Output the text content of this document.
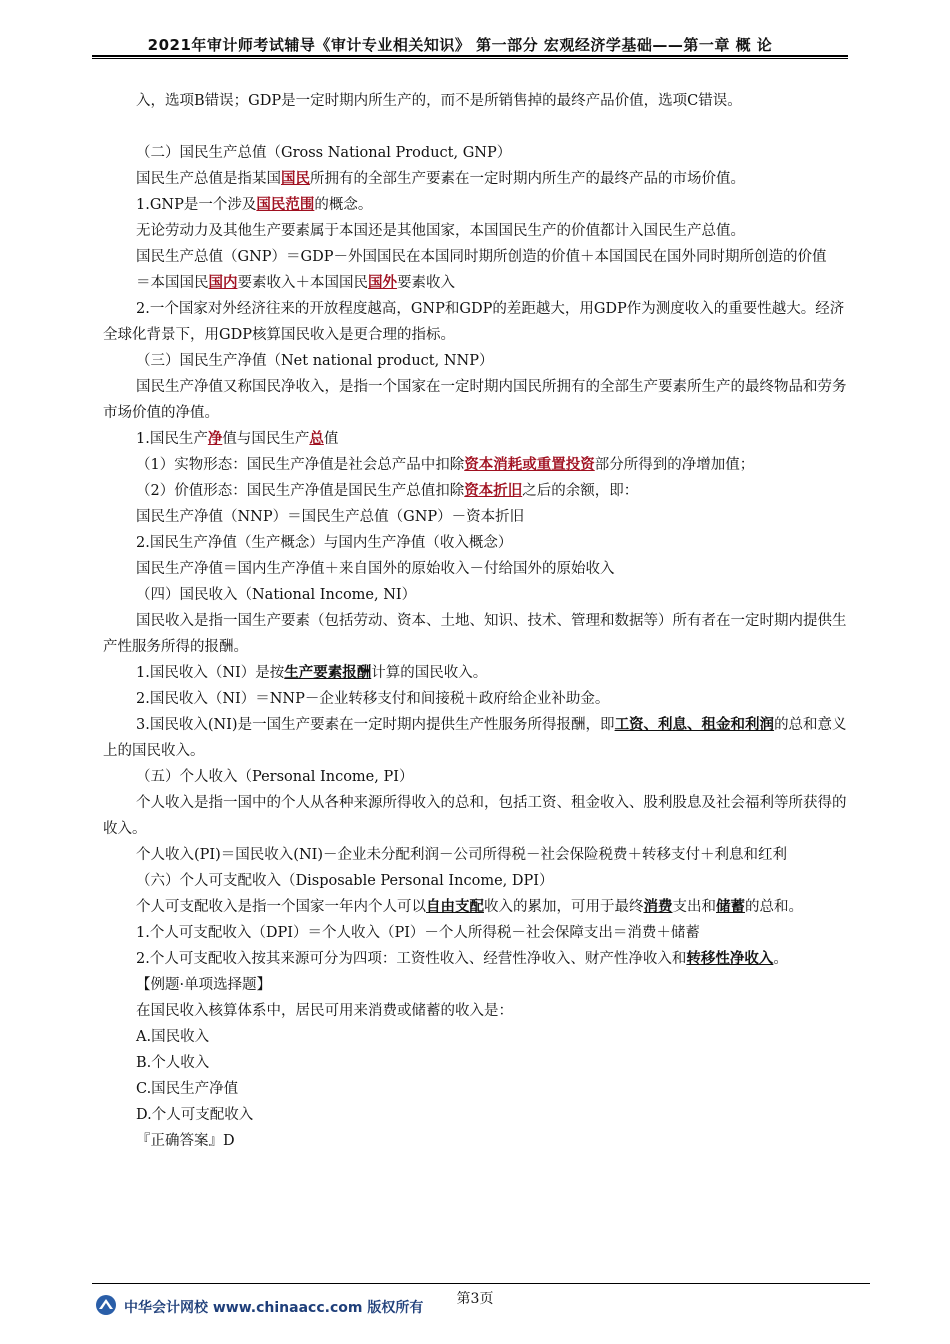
2021年审计师考试辅导《审计专业相关知识》 第一部分 宏观经济学基础——第一章 概 论

入，选项B错误；GDP是一定时期内所生产的，而不是所销售掉的最终产品价值，选项C错误。

（二）国民生产总值（Gross National Product, GNP）

国民生产总值是指某国国民所拥有的全部生产要素在一定时期内所生产的最终产品的市场价值。

1.GNP是一个涉及国民范围的概念。

无论劳动力及其他生产要素属于本国还是其他国家，本国国民生产的价值都计入国民生产总值。

国民生产总值（GNP）＝GDP－外国国民在本国同时期所创造的价值＋本国国民在国外同时期所创造的价值

＝本国国民国内要素收入＋本国国民国外要素收入

2.一个国家对外经济往来的开放程度越高，GNP和GDP的差距越大，用GDP作为测度收入的重要性越大。经济全球化背景下，用GDP核算国民收入是更合理的指标。

（三）国民生产净值（Net national product, NNP）

国民生产净值又称国民净收入，是指一个国家在一定时期内国民所拥有的全部生产要素所生产的最终物品和劳务市场价值的净值。

1.国民生产净值与国民生产总值

（1）实物形态：国民生产净值是社会总产品中扣除资本消耗或重置投资部分所得到的净增加值；

（2）价值形态：国民生产净值是国民生产总值扣除资本折旧之后的余额，即：

国民生产净值（NNP）＝国民生产总值（GNP）－资本折旧

2.国民生产净值（生产概念）与国内生产净值（收入概念）

国民生产净值＝国内生产净值＋来自国外的原始收入－付给国外的原始收入

（四）国民收入（National Income, NI）

国民收入是指一国生产要素（包括劳动、资本、土地、知识、技术、管理和数据等）所有者在一定时期内提供生产性服务所得的报酬。

1.国民收入（NI）是按生产要素报酬计算的国民收入。

2.国民收入（NI）＝NNP－企业转移支付和间接税＋政府给企业补助金。

3.国民收入(NI)是一国生产要素在一定时期内提供生产性服务所得报酬，即工资、利息、租金和利润的总和意义上的国民收入。

（五）个人收入（Personal Income, PI）

个人收入是指一国中的个人从各种来源所得收入的总和，包括工资、租金收入、股利股息及社会福利等所获得的收入。

个人收入(PI)＝国民收入(NI)－企业未分配利润－公司所得税－社会保险税费＋转移支付＋利息和红利

（六）个人可支配收入（Disposable Personal Income, DPI）

个人可支配收入是指一个国家一年内个人可以自由支配收入的累加，可用于最终消费支出和储蓄的总和。

1.个人可支配收入（DPI）＝个人收入（PI）－个人所得税－社会保障支出＝消费＋储蓄

2.个人可支配收入按其来源可分为四项：工资性收入、经营性净收入、财产性净收入和转移性净收入。

【例题·单项选择题】

在国民收入核算体系中，居民可用来消费或储蓄的收入是：

A.国民收入

B.个人收入

C.国民生产净值

D.个人可支配收入

『正确答案』D

第3页
中华会计网校 www.chinaacc.com 版权所有
